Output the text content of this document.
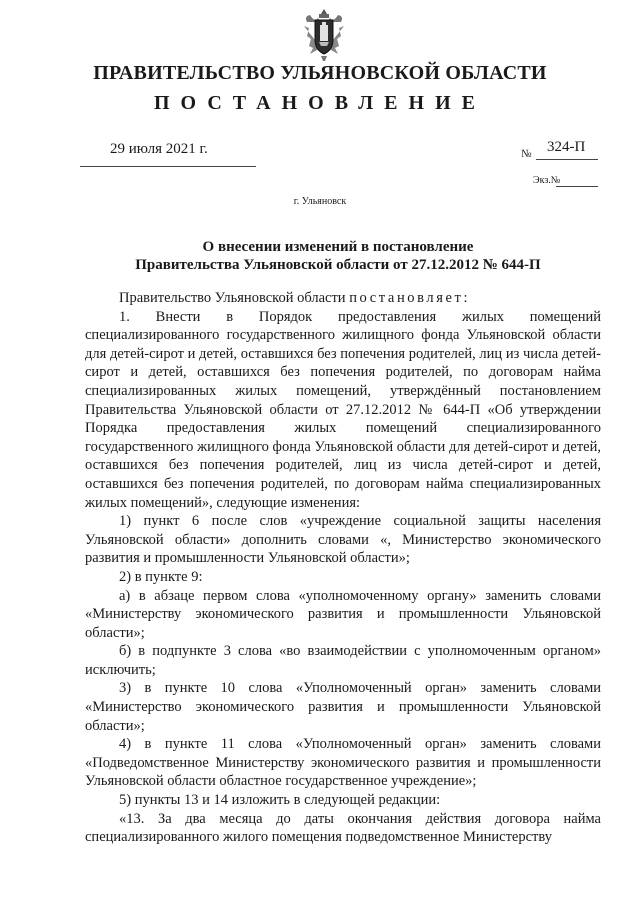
ПРАВИТЕЛЬСТВО УЛЬЯНОВСКОЙ ОБЛАСТИ
ПОСТАНОВЛЕНИЕ
29 июля 2021 г.	№ 324-П
Экз.№
г. Ульяновск
О внесении изменений в постановление
Правительства Ульяновской области от 27.12.2012 № 644-П

Правительство Ульяновской области постановляет:

1. Внести в Порядок предоставления жилых помещений специализированного государственного жилищного фонда Ульяновской области для детей-сирот и детей, оставшихся без попечения родителей, лиц из числа детей-сирот и детей, оставшихся без попечения родителей, по договорам найма специализированных жилых помещений, утверждённый постановлением Правительства Ульяновской области от 27.12.2012 № 644-П «Об утверждении Порядка предоставления жилых помещений специализированного государственного жилищного фонда Ульяновской области для детей-сирот и детей, оставшихся без попечения родителей, лиц из числа детей-сирот и детей, оставшихся без попечения родителей, по договорам найма специализированных жилых помещений», следующие изменения:

1) пункт 6 после слов «учреждение социальной защиты населения Ульяновской области» дополнить словами «, Министерство экономического развития и промышленности Ульяновской области»;

2) в пункте 9:

а) в абзаце первом слова «уполномоченному органу» заменить словами «Министерству экономического развития и промышленности Ульяновской области»;

б) в подпункте 3 слова «во взаимодействии с уполномоченным органом» исключить;

3) в пункте 10 слова «Уполномоченный орган» заменить словами «Министерство экономического развития и промышленности Ульяновской области»;

4) в пункте 11 слова «Уполномоченный орган» заменить словами «Подведомственное Министерству экономического развития и промышленности Ульяновской области областное государственное учреждение»;

5) пункты 13 и 14 изложить в следующей редакции:

«13. За два месяца до даты окончания действия договора найма специализированного жилого помещения подведомственное Министерству
